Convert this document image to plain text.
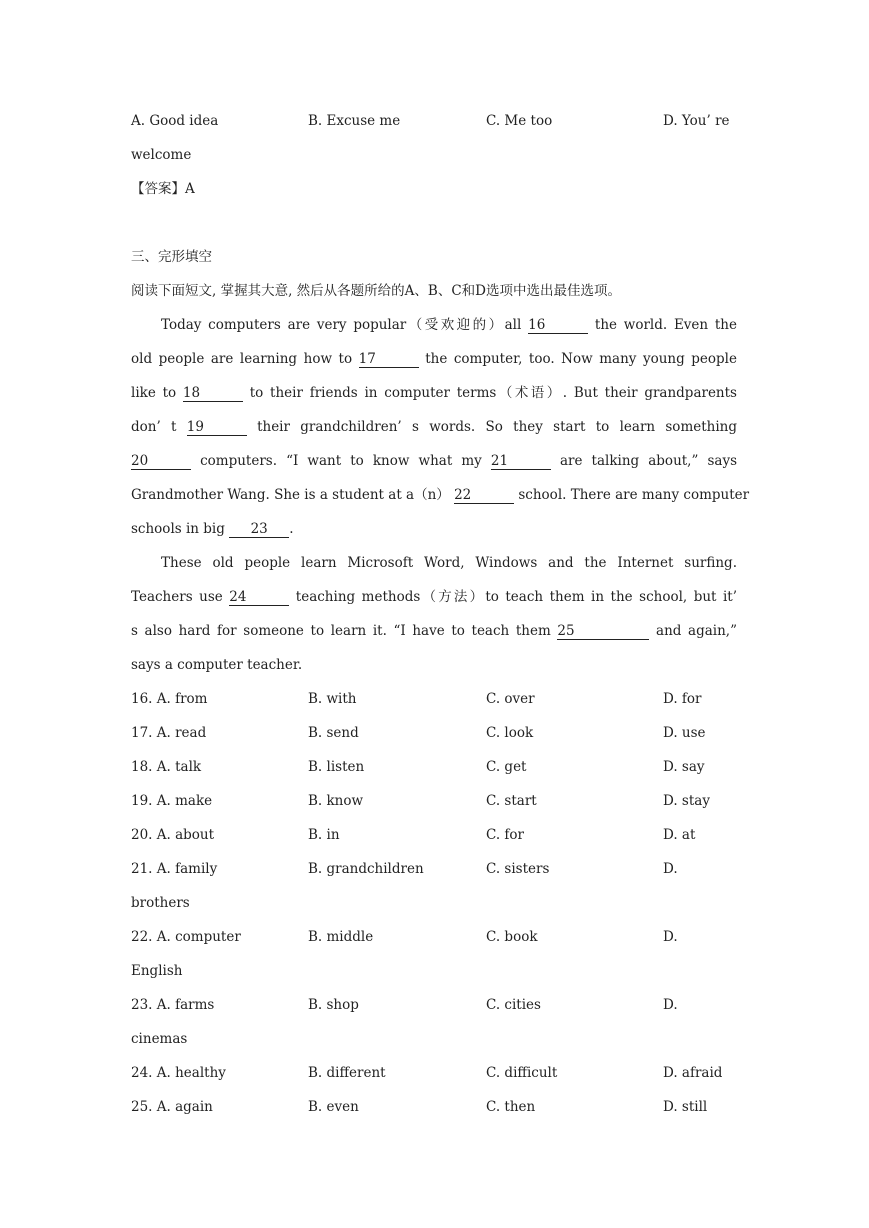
A. Good idea	B. Excuse me	C. Me too	D. You’ re
welcome
【答案】A
三、完形填空
阅读下面短文, 掌握其大意, 然后从各题所给的A、B、C和D选项中选出最佳选项。
Today computers are very popular（受欢迎的）all 16	the world. Even the
old people are learning how to 17	the computer, too. Now many young people
like to 18	to their friends in computer terms（术语）. But their grandparents
don’ t 19	their grandchildren’ s words. So they start to learn something
20	computers. “I want to know what my 21	are talking about,” says
Grandmother Wang. She is a student at a（n） 22	school. There are many computer
schools in big 23 .
These old people learn Microsoft Word, Windows and the Internet surfing.
Teachers use 24	teaching methods（方法）to teach them in the school, but it’
s also hard for someone to learn it. “I have to teach them 25	and again,”
says a computer teacher.
16. A. from	B. with	C. over	D. for
17. A. read	B. send	C. look	D. use
18. A. talk	B. listen	C. get	D. say
19. A. make	B. know	C. start	D. stay
20. A. about	B. in	C. for	D. at
21. A. family	B. grandchildren	C. sisters	D.
brothers
22. A. computer	B. middle	C. book	D.
English
23. A. farms	B. shop	C. cities	D.
cinemas
24. A. healthy	B. different	C. difficult	D. afraid
25. A. again	B. even	C. then	D. still
